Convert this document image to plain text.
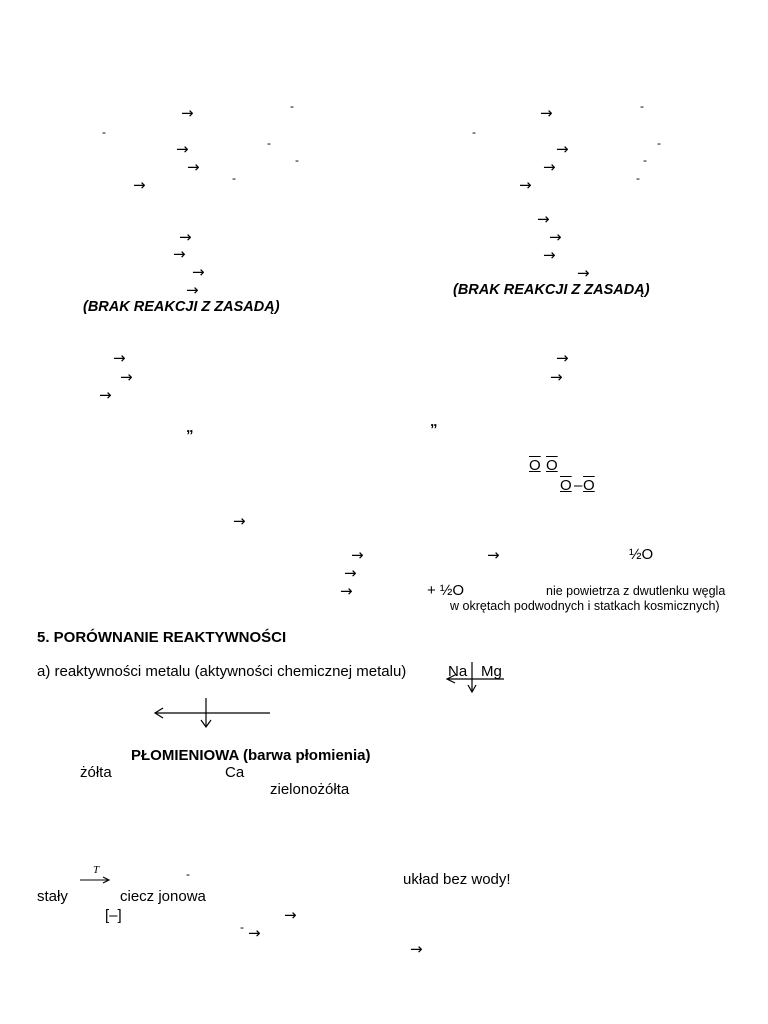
→	-
-
→	-
→	-
→	-
→
→
→
→
(BRAK REAKCJI Z ZASADĄ)
→	-
-
→	-
→	-
→	-
→
→
→
→
(BRAK REAKCJI Z ZASADĄ)
→
→
→
→
→
„	„
O O
O – O
→
→	→	½O
→
→	+ ½O	nie powietrza z dwutlenku węgla
w okrętach podwodnych i statkach kosmicznych)
5. PORÓWNANIE REAKTYWNOŚCI
a) reaktywności metalu (aktywności chemicznej metalu)	Na Mg
PŁOMIENIOWA (barwa płomienia)
żółta	Ca
zielonożółta
T	-	układ bez wody!
stały	ciecz jonowa
[–]	→
- →
→
